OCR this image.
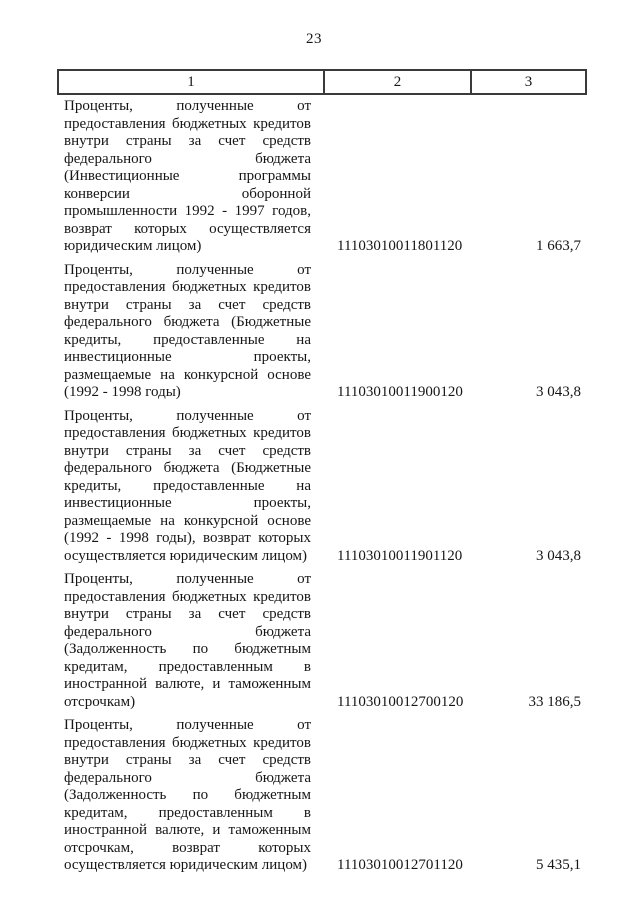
23
1	2	3
Проценты, полученные от предоставления бюджетных кредитов внутри страны за счет средств федерального бюджета (Инвестиционные программы конверсии оборонной промышленности 1992 - 1997 годов, возврат которых осуществляется юридическим лицом)	11103010011801120	1 663,7
Проценты, полученные от предоставления бюджетных кредитов внутри страны за счет средств федерального бюджета (Бюджетные кредиты, предоставленные на инвестиционные проекты, размещаемые на конкурсной основе (1992 - 1998 годы)	11103010011900120	3 043,8
Проценты, полученные от предоставления бюджетных кредитов внутри страны за счет средств федерального бюджета (Бюджетные кредиты, предоставленные на инвестиционные проекты, размещаемые на конкурсной основе (1992 - 1998 годы), возврат которых осуществляется юридическим лицом)	11103010011901120	3 043,8
Проценты, полученные от предоставления бюджетных кредитов внутри страны за счет средств федерального бюджета (Задолженность по бюджетным кредитам, предоставленным в иностранной валюте, и таможенным отсрочкам)	11103010012700120	33 186,5
Проценты, полученные от предоставления бюджетных кредитов внутри страны за счет средств федерального бюджета (Задолженность по бюджетным кредитам, предоставленным в иностранной валюте, и таможенным отсрочкам, возврат которых осуществляется юридическим лицом)	11103010012701120	5 435,1
